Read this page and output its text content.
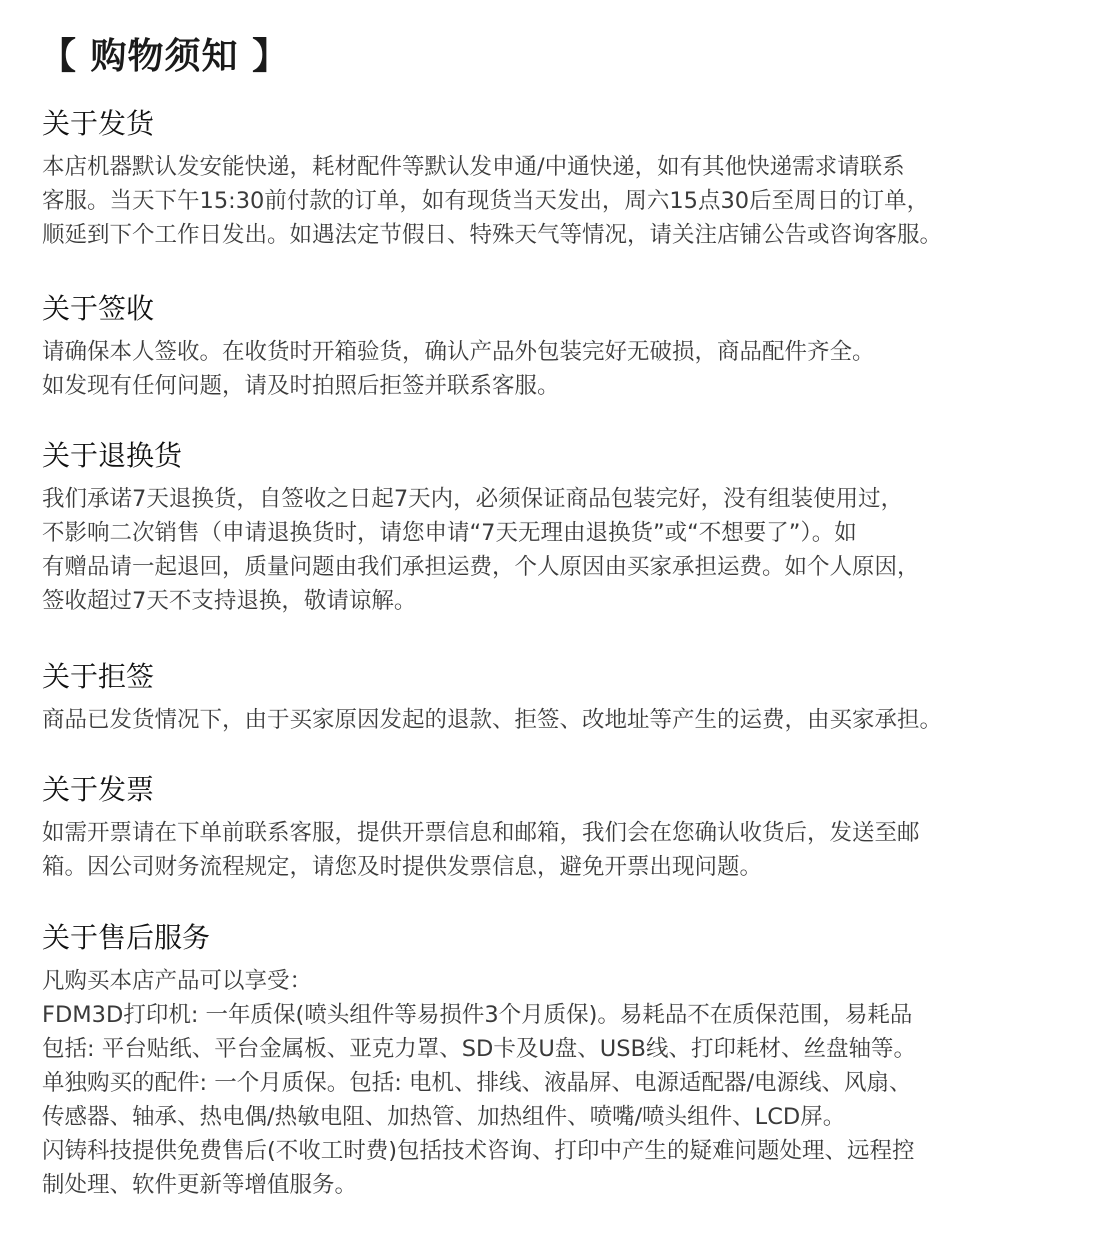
【 购物须知 】
关于发货

本店机器默认发安能快递，耗材配件等默认发申通/中通快递，如有其他快递需求请联系

客服。当天下午15:30前付款的订单，如有现货当天发出，周六15点30后至周日的订单，

顺延到下个工作日发出。如遇法定节假日、特殊天气等情况，请关注店铺公告或咨询客服。

关于签收

请确保本人签收。在收货时开箱验货，确认产品外包装完好无破损，商品配件齐全。

如发现有任何问题，请及时拍照后拒签并联系客服。

关于退换货

我们承诺7天退换货，自签收之日起7天内，必须保证商品包装完好，没有组装使用过，

不影响二次销售（申请退换货时，请您申请“7天无理由退换货”或“不想要了”）。如

有赠品请一起退回，质量问题由我们承担运费，个人原因由买家承担运费。如个人原因，

签收超过7天不支持退换，敬请谅解。

关于拒签

商品已发货情况下，由于买家原因发起的退款、拒签、改地址等产生的运费，由买家承担。

关于发票

如需开票请在下单前联系客服，提供开票信息和邮箱，我们会在您确认收货后，发送至邮

箱。因公司财务流程规定，请您及时提供发票信息，避免开票出现问题。

关于售后服务

凡购买本店产品可以享受：

FDM3D打印机: 一年质保(喷头组件等易损件3个月质保)。易耗品不在质保范围，易耗品

包括: 平台贴纸、平台金属板、亚克力罩、SD卡及U盘、USB线、打印耗材、丝盘轴等。

单独购买的配件: 一个月质保。包括: 电机、排线、液晶屏、电源适配器/电源线、风扇、

传感器、轴承、热电偶/热敏电阻、加热管、加热组件、喷嘴/喷头组件、LCD屏。

闪铸科技提供免费售后(不收工时费)包括技术咨询、打印中产生的疑难问题处理、远程控

制处理、软件更新等增值服务。
